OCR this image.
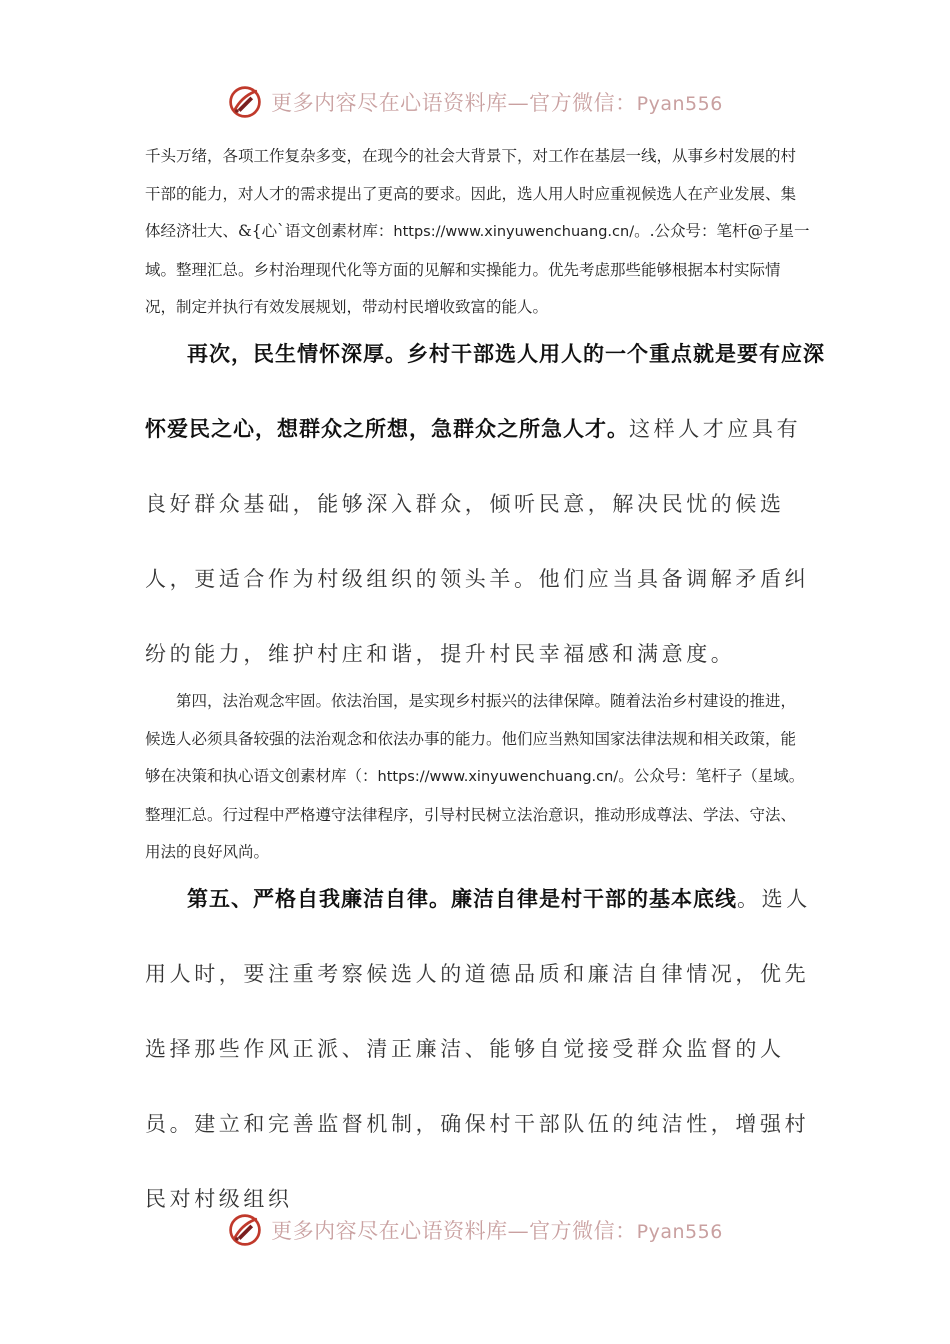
更多内容尽在心语资料库—官方微信：Pyan556

千头万绪，各项工作复杂多变，在现今的社会大背景下，对工作在基层一线，从事乡村发展的村干部的能力，对人才的需求提出了更高的要求。因此，选人用人时应重视候选人在产业发展、集体经济壮大、&{心`语文创素材库：https://www.xinyuwenchuang.cn/。.公众号：笔杆@子星一域。整理汇总。乡村治理现代化等方面的见解和实操能力。优先考虑那些能够根据本村实际情况，制定并执行有效发展规划，带动村民增收致富的能人。

再次，民生情怀深厚。乡村干部选人用人的一个重点就是要有应深怀爱民之心，想群众之所想，急群众之所急人才。这样人才应具有良好群众基础，能够深入群众，倾听民意，解决民忧的候选人，更适合作为村级组织的领头羊。他们应当具备调解矛盾纠纷的能力，维护村庄和谐，提升村民幸福感和满意度。

第四，法治观念牢固。依法治国，是实现乡村振兴的法律保障。随着法治乡村建设的推进，候选人必须具备较强的法治观念和依法办事的能力。他们应当熟知国家法律法规和相关政策，能够在决策和执心语文创素材库（：https://www.xinyuwenchuang.cn/。公众号：笔杆子（星域。整理汇总。行过程中严格遵守法律程序，引导村民树立法治意识，推动形成尊法、学法、守法、用法的良好风尚。

第五、严格自我廉洁自律。廉洁自律是村干部的基本底线。选人用人时，要注重考察候选人的道德品质和廉洁自律情况，优先选择那些作风正派、清正廉洁、能够自觉接受群众监督的人员。建立和完善监督机制，确保村干部队伍的纯洁性，增强村民对村级组织

更多内容尽在心语资料库—官方微信：Pyan556
